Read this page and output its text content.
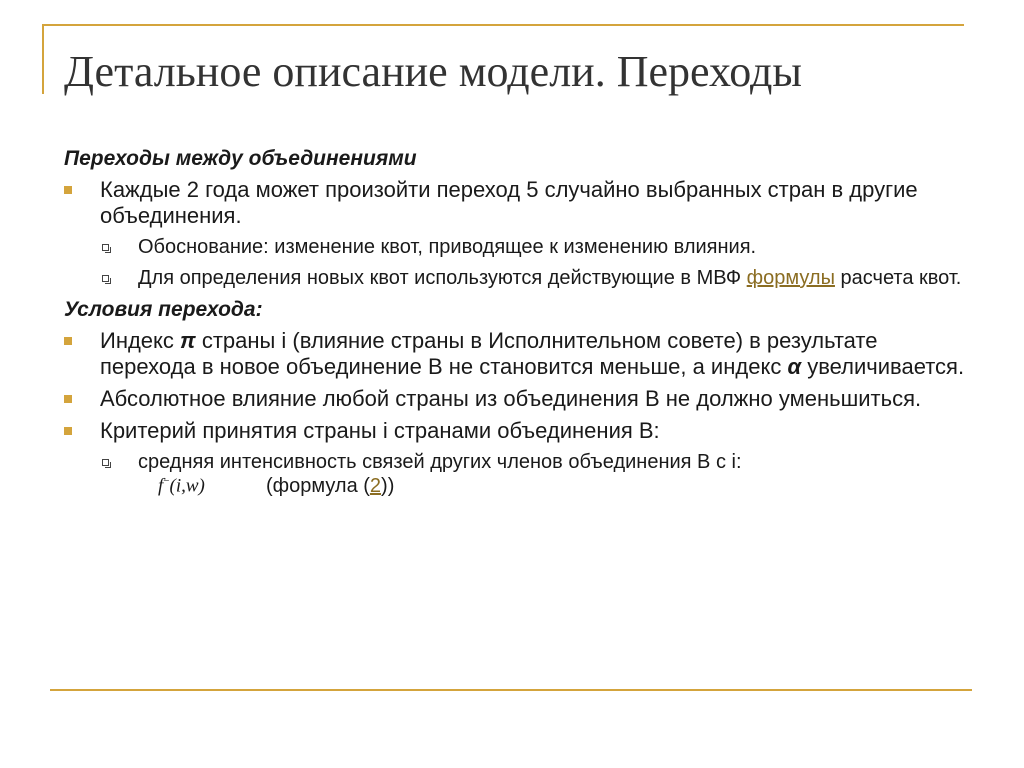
Детальное описание модели. Переходы
Переходы между объединениями
Каждые 2 года может произойти переход 5 случайно выбранных стран в другие объединения.
Обоснование: изменение квот, приводящее к изменению влияния.
Для определения новых квот используются действующие в МВФ формулы расчета квот.
Условия перехода:
Индекс π страны i (влияние страны в Исполнительном совете) в результате перехода в новое объединение B не становится меньше, а индекс α увеличивается.
Абсолютное влияние любой страны из объединения B не должно уменьшиться.
Критерий принятия страны i странами объединения B:
средняя интенсивность связей других членов объединения B с i:
f−(i,w)	(формула (2))
